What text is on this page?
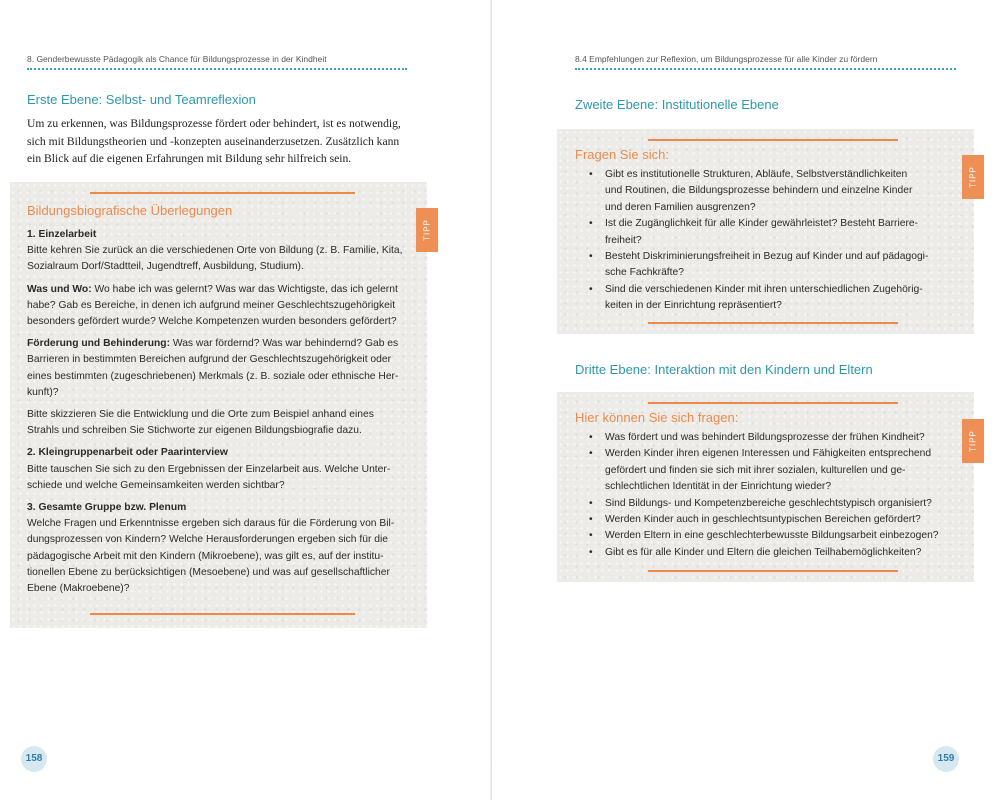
8. Genderbewusste Pädagogik als Chance für Bildungsprozesse in der Kindheit
Erste Ebene: Selbst- und Teamreflexion
Um zu erkennen, was Bildungsprozesse fördert oder behindert, ist es notwendig,
sich mit Bildungstheorien und -konzepten auseinanderzusetzen. Zusätzlich kann
ein Blick auf die eigenen Erfahrungen mit Bildung sehr hilfreich sein.
Bildungsbiografische Überlegungen

1. Einzelarbeit

Bitte kehren Sie zurück an die verschiedenen Orte von Bildung (z. B. Familie, Kita,

Sozialraum Dorf/Stadtteil, Jugendtreff, Ausbildung, Studium).

Was und Wo: Wo habe ich was gelernt? Was war das Wichtigste, das ich gelernt

habe? Gab es Bereiche, in denen ich aufgrund meiner Geschlechtszugehörigkeit

besonders gefördert wurde? Welche Kompetenzen wurden besonders gefördert?

Förderung und Behinderung: Was war fördernd? Was war behindernd? Gab es

Barrieren in bestimmten Bereichen aufgrund der Geschlechtszugehörigkeit oder

eines bestimmten (zugeschriebenen) Merkmals (z. B. soziale oder ethnische Her-

kunft)?

Bitte skizzieren Sie die Entwicklung und die Orte zum Beispiel anhand eines

Strahls und schreiben Sie Stichworte zur eigenen Bildungsbiografie dazu.

2. Kleingruppenarbeit oder Paarinterview

Bitte tauschen Sie sich zu den Ergebnissen der Einzelarbeit aus. Welche Unter-

schiede und welche Gemeinsamkeiten werden sichtbar?

3. Gesamte Gruppe bzw. Plenum

Welche Fragen und Erkenntnisse ergeben sich daraus für die Förderung von Bil-

dungsprozessen von Kindern? Welche Herausforderungen ergeben sich für die

pädagogische Arbeit mit den Kindern (Mikroebene), was gilt es, auf der institu-

tionellen Ebene zu berücksichtigen (Mesoebene) und was auf gesellschaftlicher

Ebene (Makroebene)?

TIPP
158
8.4 Empfehlungen zur Reflexion, um Bildungsprozesse für alle Kinder zu fördern
Zweite Ebene: Institutionelle Ebene
Fragen Sie sich:
• Gibt es institutionelle Strukturen, Abläufe, Selbstverständlichkeiten
und Routinen, die Bildungsprozesse behindern und einzelne Kinder
und deren Familien ausgrenzen?
• Ist die Zugänglichkeit für alle Kinder gewährleistet? Besteht Barriere-
freiheit?
• Besteht Diskriminierungsfreiheit in Bezug auf Kinder und auf pädagogi-
sche Fachkräfte?
• Sind die verschiedenen Kinder mit ihren unterschiedlichen Zugehörig-
keiten in der Einrichtung repräsentiert?
TIPP
Dritte Ebene: Interaktion mit den Kindern und Eltern
Hier können Sie sich fragen:
• Was fördert und was behindert Bildungsprozesse der frühen Kindheit?
• Werden Kinder ihren eigenen Interessen und Fähigkeiten entsprechend
gefördert und finden sie sich mit ihrer sozialen, kulturellen und ge-
schlechtlichen Identität in der Einrichtung wieder?
• Sind Bildungs- und Kompetenzbereiche geschlechtstypisch organisiert?
• Werden Kinder auch in geschlechtsuntypischen Bereichen gefördert?
• Werden Eltern in eine geschlechterbewusste Bildungsarbeit einbezogen?
• Gibt es für alle Kinder und Eltern die gleichen Teilhabemöglichkeiten?
TIPP
159
